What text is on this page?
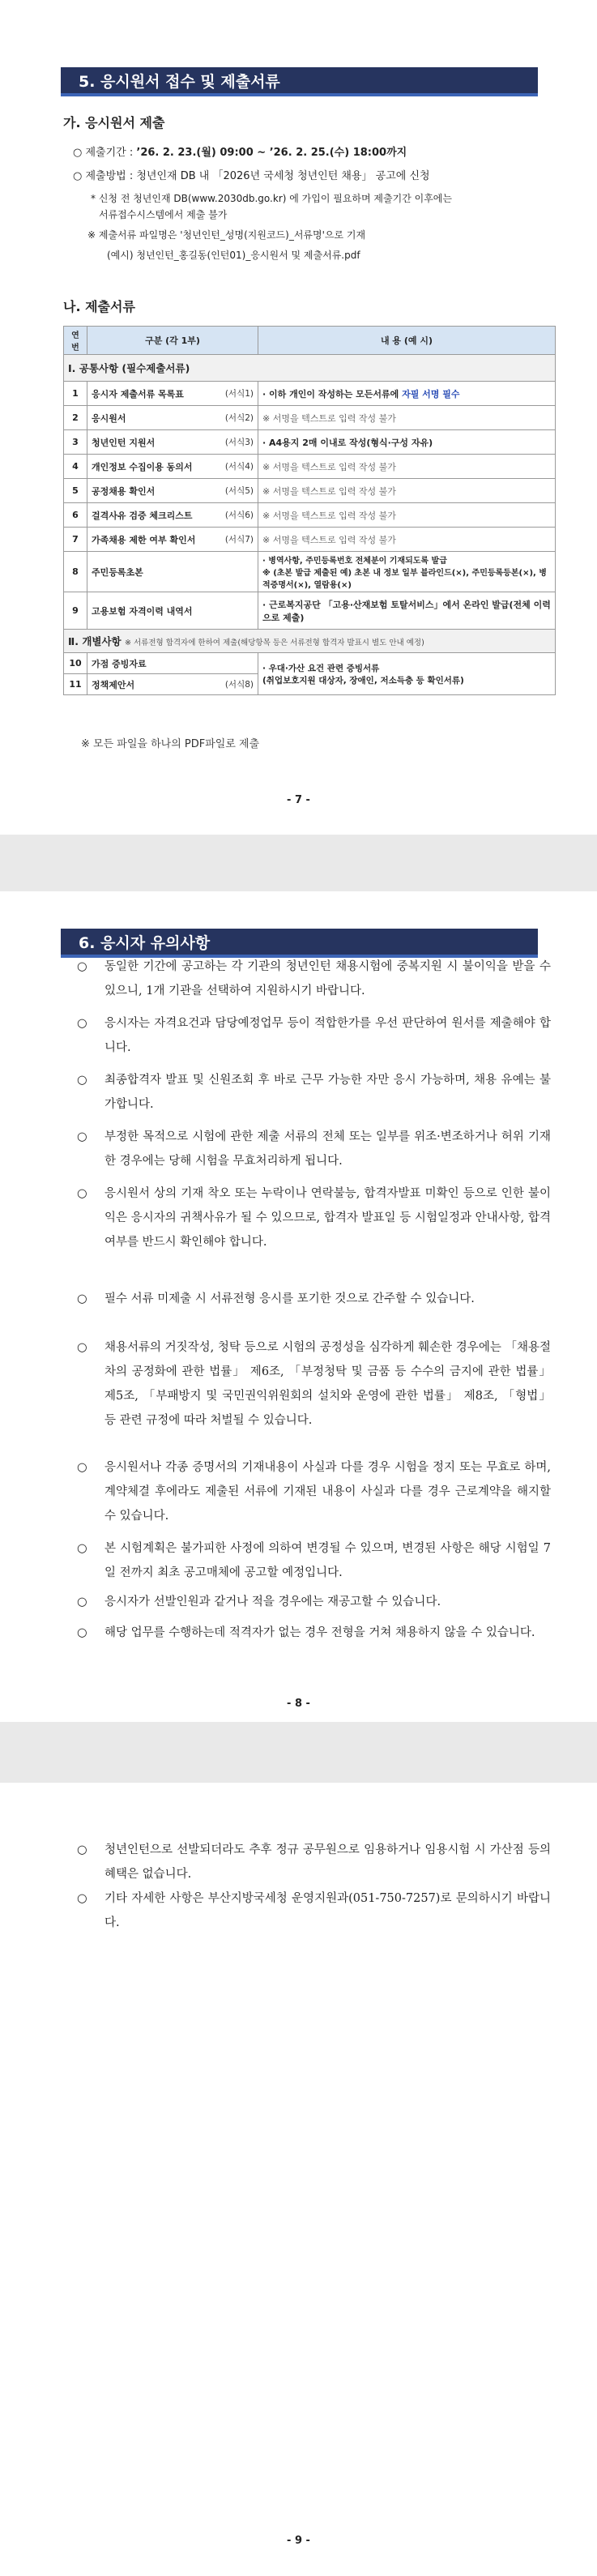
5. 응시원서 접수 및 제출서류
가. 응시원서 제출
○ 제출기간 : ’26. 2. 23.(월) 09:00 ~ ’26. 2. 25.(수) 18:00까지
○ 제출방법 : 청년인재 DB 내 「2026년 국세청 청년인턴 채용」 공고에 신청
* 신청 전 청년인재 DB(www.2030db.go.kr) 에 가입이 필요하며 제출기간 이후에는
서류접수시스템에서 제출 불가
※ 제출서류 파일명은 '청년인턴_성명(지원코드)_서류명'으로 기재
(예시) 청년인턴_홍길동(인턴01)_응시원서 및 제출서류.pdf
나. 제출서류
연번	구분 (각 1부)	내 용 (예 시)
Ⅰ. 공통사항 (필수제출서류)		
1	응시자 제출서류 목록표 (서식1)	· 이하 개인이 작성하는 모든서류에 자필 서명 필수
2	응시원서 (서식2)	※ 서명을 텍스트로 입력 작성 불가
3	청년인턴 지원서 (서식3)	· A4용지 2매 이내로 작성(형식·구성 자유)
4	개인정보 수집이용 동의서 (서식4)	※ 서명을 텍스트로 입력 작성 불가
5	공정채용 확인서 (서식5)	※ 서명을 텍스트로 입력 작성 불가
6	걸격사유 검증 체크리스트 (서식6)	※ 서명을 텍스트로 입력 작성 불가
7	가족채용 제한 여부 확인서 (서식7)	※ 서명을 텍스트로 입력 작성 불가
8	주민등록초본	· 병역사항, 주민등록번호 전체분이 기재되도록 발급
※ (초본 발급 제출된 예) 초본 내 정보 일부 블라인드(×), 주민등록등본(×), 병적증명서(×), 열람용(×)
9	고용보험 자격이력 내역서	· 근로복지공단 「고용·산재보험 토탈서비스」에서 온라인 발급(전체 이력으로 제출)
Ⅱ. 개별사항 ※ 서류전형 합격자에 한하여 제출(해당항목 등은 서류전형 합격자 발표시 별도 안내 예정)		
10	가점 증빙자료	· 우대·가산 요건 관련 증빙서류
(취업보호지원 대상자, 장애인, 저소득층 등 확인서류)
11	정책제안서 (서식8)	
※ 모든 파일을 하나의 PDF파일로 제출
- 7 -
6. 응시자 유의사항
○ 동일한 기간에 공고하는 각 기관의 청년인턴 채용시험에 중복지원 시 불이익을 받을 수 있으니, 1개 기관을 선택하여 지원하시기 바랍니다.
○ 응시자는 자격요건과 담당예정업무 등이 적합한가를 우선 판단하여 원서를 제출해야 합니다.
○ 최종합격자 발표 및 신원조회 후 바로 근무 가능한 자만 응시 가능하며, 채용 유예는 불가합니다.
○ 부정한 목적으로 시험에 관한 제출 서류의 전체 또는 일부를 위조·변조하거나 허위 기재한 경우에는 당해 시험을 무효처리하게 됩니다.
○ 응시원서 상의 기재 착오 또는 누락이나 연락불능, 합격자발표 미확인 등으로 인한 불이익은 응시자의 귀책사유가 될 수 있으므로, 합격자 발표일 등 시험일정과 안내사항, 합격여부를 반드시 확인해야 합니다.
○ 필수 서류 미제출 시 서류전형 응시를 포기한 것으로 간주할 수 있습니다.
○ 채용서류의 거짓작성, 청탁 등으로 시험의 공정성을 심각하게 훼손한 경우에는 「채용절차의 공정화에 관한 법률」 제6조, 「부정청탁 및 금품 등 수수의 금지에 관한 법률」 제5조, 「부패방지 및 국민권익위원회의 설치와 운영에 관한 법률」 제8조, 「형법」 등 관련 규정에 따라 처벌될 수 있습니다.
○ 응시원서나 각종 증명서의 기재내용이 사실과 다를 경우 시험을 정지 또는 무효로 하며, 계약체결 후에라도 제출된 서류에 기재된 내용이 사실과 다를 경우 근로계약을 해지할 수 있습니다.
○ 본 시험계획은 불가피한 사정에 의하여 변경될 수 있으며, 변경된 사항은 해당 시험일 7일 전까지 최초 공고매체에 공고할 예정입니다.
○ 응시자가 선발인원과 같거나 적을 경우에는 재공고할 수 있습니다.
○ 해당 업무를 수행하는데 적격자가 없는 경우 전형을 거쳐 채용하지 않을 수 있습니다.
- 8 -
○ 청년인턴으로 선발되더라도 추후 정규 공무원으로 임용하거나 임용시험 시 가산점 등의 혜택은 없습니다.
○ 기타 자세한 사항은 부산지방국세청 운영지원과(051-750-7257)로 문의하시기 바랍니다.
- 9 -
